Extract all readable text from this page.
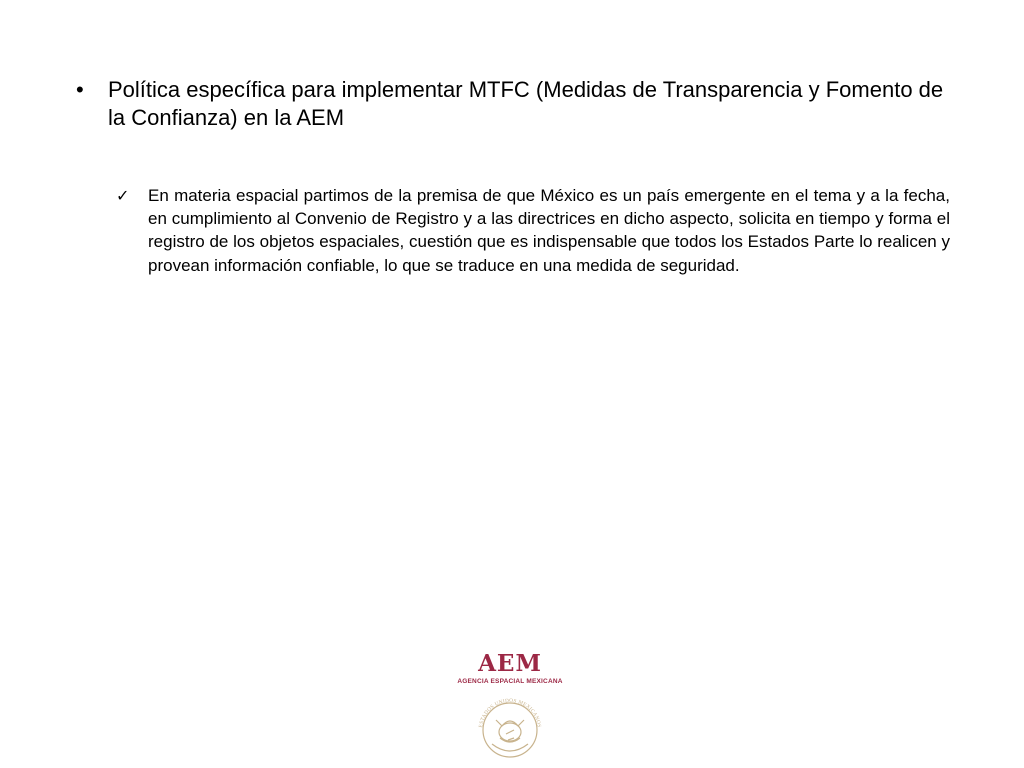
•	Política específica para implementar MTFC (Medidas de Transparencia y Fomento de la Confianza) en la AEM
✓	En materia espacial partimos de la premisa de que México es un país emergente en el tema y a la fecha, en cumplimiento al Convenio de Registro y a las directrices en dicho aspecto, solicita en tiempo y forma el registro de los objetos espaciales, cuestión que es indispensable que todos los Estados Parte lo realicen y provean información confiable, lo que se traduce en una medida de seguridad.
AEM
AGENCIA ESPACIAL MEXICANA
ESTADOS UNIDOS MEXICANOS
